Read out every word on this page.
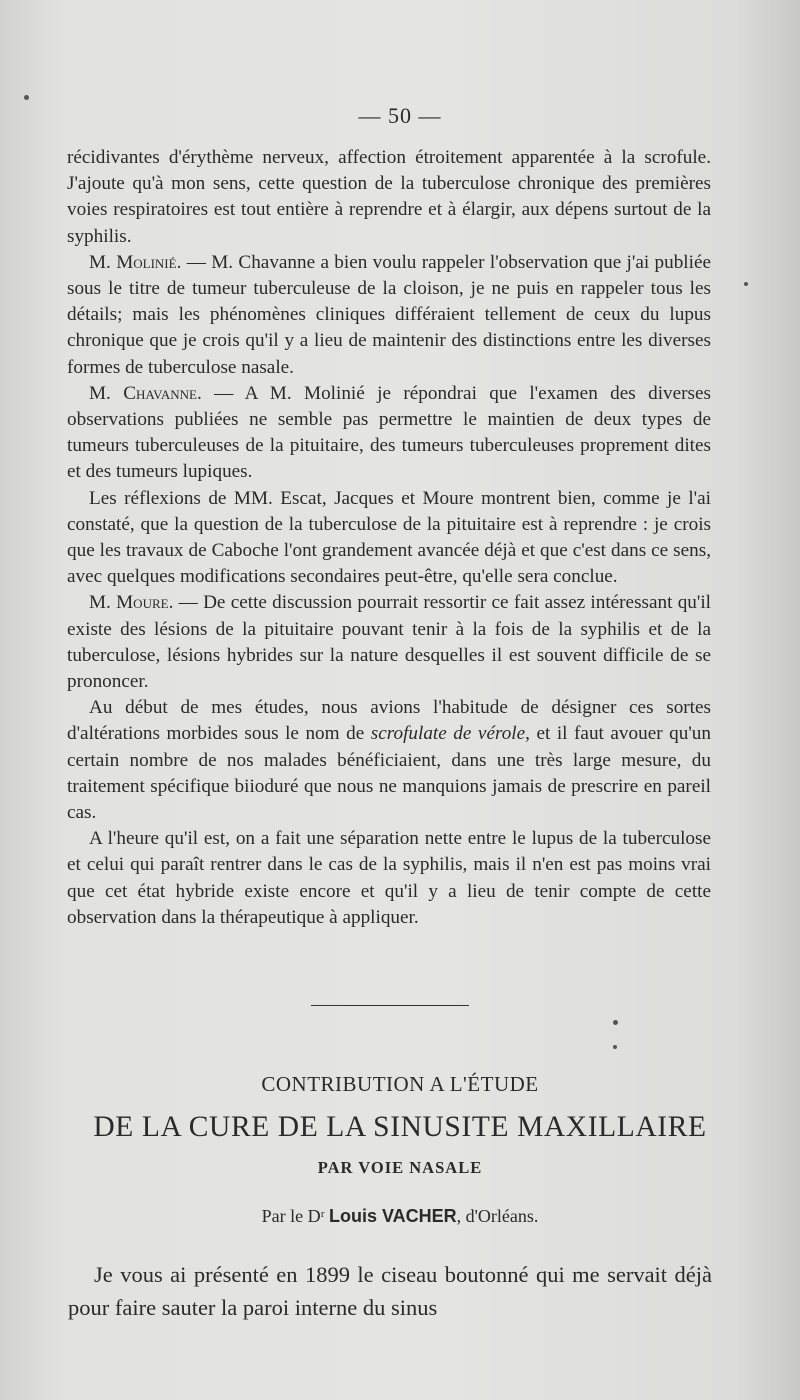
— 50 —

récidivantes d'érythème nerveux, affection étroitement apparentée à la scrofule. J'ajoute qu'à mon sens, cette question de la tuberculose chronique des premières voies respiratoires est tout entière à reprendre et à élargir, aux dépens surtout de la syphilis.

M. Molinié. — M. Chavanne a bien voulu rappeler l'observation que j'ai publiée sous le titre de tumeur tuberculeuse de la cloison, je ne puis en rappeler tous les détails; mais les phénomènes cliniques différaient tellement de ceux du lupus chronique que je crois qu'il y a lieu de maintenir des distinctions entre les diverses formes de tuberculose nasale.

M. Chavanne. — A M. Molinié je répondrai que l'examen des diverses observations publiées ne semble pas permettre le maintien de deux types de tumeurs tuberculeuses de la pituitaire, des tumeurs tuberculeuses proprement dites et des tumeurs lupiques.

Les réflexions de MM. Escat, Jacques et Moure montrent bien, comme je l'ai constaté, que la question de la tuberculose de la pituitaire est à reprendre : je crois que les travaux de Caboche l'ont grandement avancée déjà et que c'est dans ce sens, avec quelques modifications secondaires peut-être, qu'elle sera conclue.

M. Moure. — De cette discussion pourrait ressortir ce fait assez intéressant qu'il existe des lésions de la pituitaire pouvant tenir à la fois de la syphilis et de la tuberculose, lésions hybrides sur la nature desquelles il est souvent difficile de se prononcer.

Au début de mes études, nous avions l'habitude de désigner ces sortes d'altérations morbides sous le nom de scrofulate de vérole, et il faut avouer qu'un certain nombre de nos malades bénéficiaient, dans une très large mesure, du traitement spécifique biioduré que nous ne manquions jamais de prescrire en pareil cas.

A l'heure qu'il est, on a fait une séparation nette entre le lupus de la tuberculose et celui qui paraît rentrer dans le cas de la syphilis, mais il n'en est pas moins vrai que cet état hybride existe encore et qu'il y a lieu de tenir compte de cette observation dans la thérapeutique à appliquer.

CONTRIBUTION A L'ÉTUDE
DE LA CURE DE LA SINUSITE MAXILLAIRE
PAR VOIE NASALE
Par le Dʳ Louis VACHER, d'Orléans.

Je vous ai présenté en 1899 le ciseau boutonné qui me servait déjà pour faire sauter la paroi interne du sinus
